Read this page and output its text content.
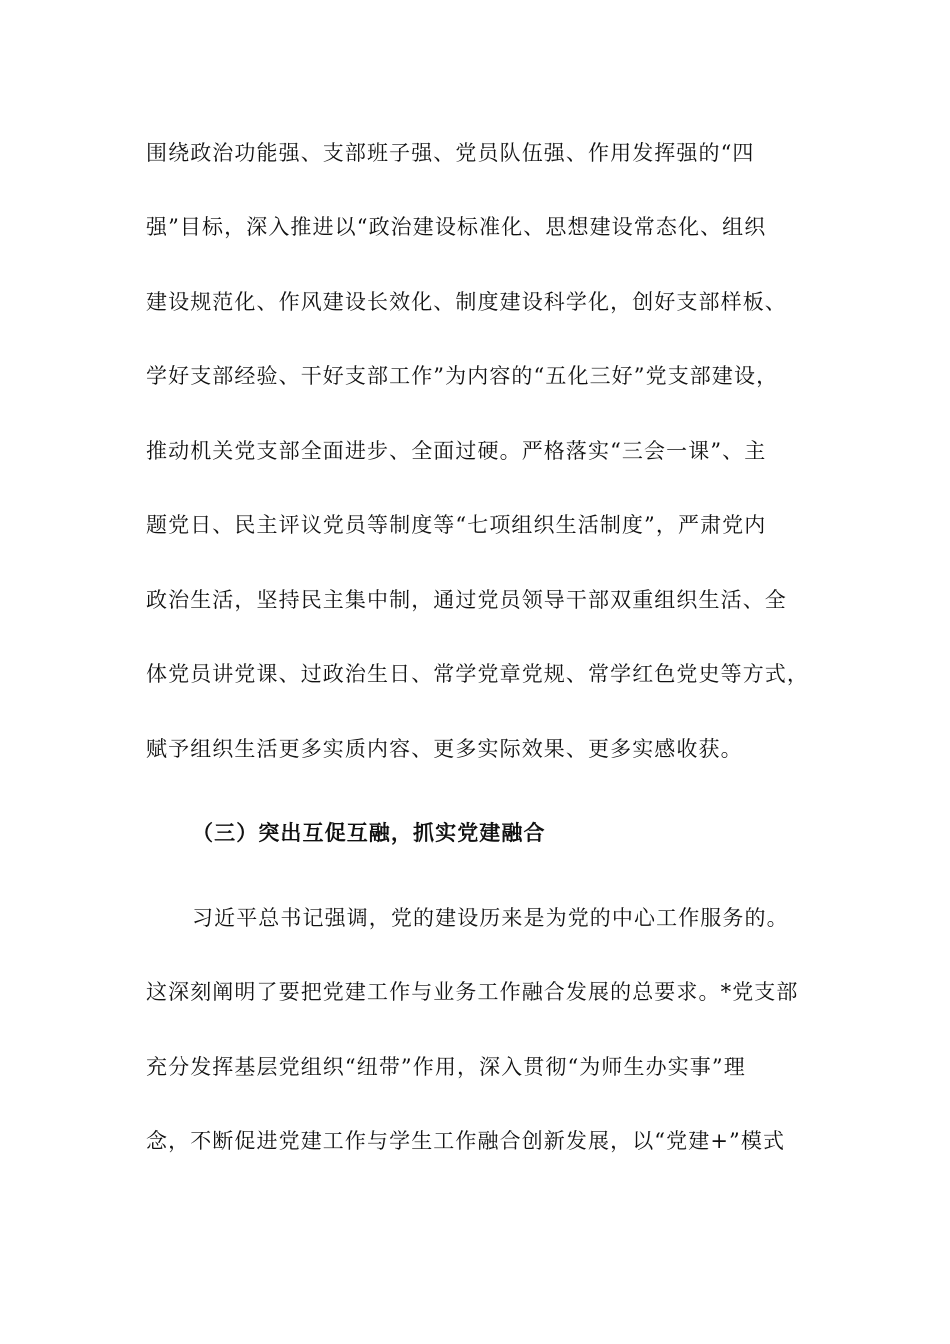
围绕政治功能强、支部班子强、党员队伍强、作用发挥强的“四
强”目标，深入推进以“政治建设标准化、思想建设常态化、组织
建设规范化、作风建设长效化、制度建设科学化，创好支部样板、
学好支部经验、干好支部工作”为内容的“五化三好”党支部建设，
推动机关党支部全面进步、全面过硬。严格落实“三会一课”、主
题党日、民主评议党员等制度等“七项组织生活制度”，严肃党内
政治生活，坚持民主集中制，通过党员领导干部双重组织生活、全
体党员讲党课、过政治生日、常学党章党规、常学红色党史等方式，
赋予组织生活更多实质内容、更多实际效果、更多实感收获。
（三）突出互促互融，抓实党建融合
习近平总书记强调，党的建设历来是为党的中心工作服务的。
这深刻阐明了要把党建工作与业务工作融合发展的总要求。*党支部
充分发挥基层党组织“纽带”作用，深入贯彻“为师生办实事”理
念，不断促进党建工作与学生工作融合创新发展，以“党建+”模式
